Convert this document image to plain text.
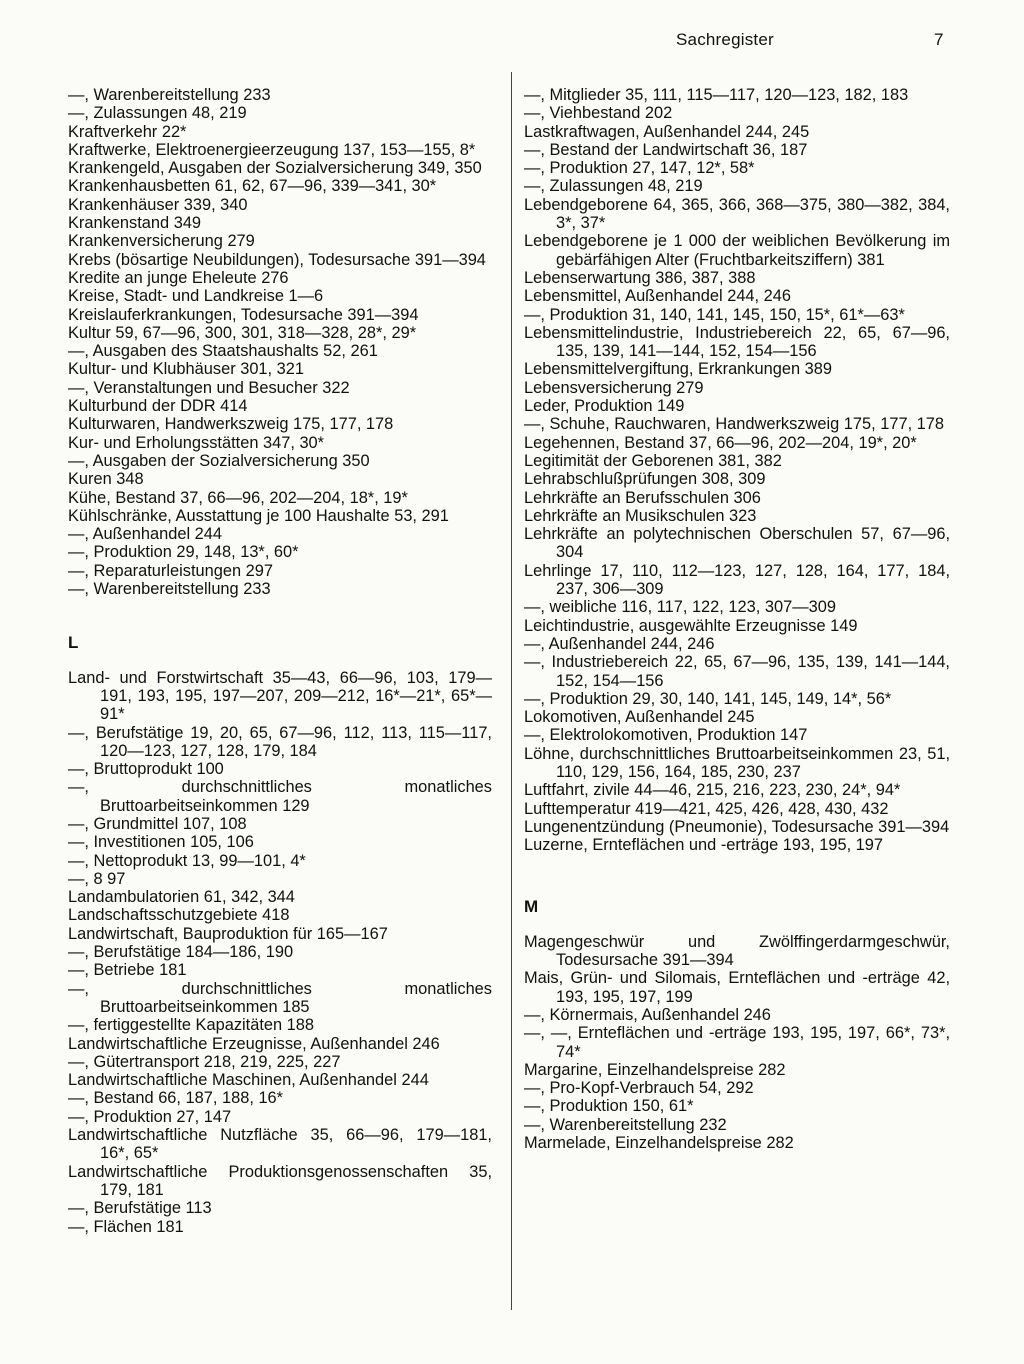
Sachregister	7
—, Warenbereitstellung 233
—, Zulassungen 48, 219
Kraftverkehr 22*
Kraftwerke, Elektroenergieerzeugung 137, 153—155, 8*
Krankengeld, Ausgaben der Sozialversicherung 349, 350
Krankenhausbetten 61, 62, 67—96, 339—341, 30*
Krankenhäuser 339, 340
Krankenstand 349
Krankenversicherung 279
Krebs (bösartige Neubildungen), Todesursache 391—394
Kredite an junge Eheleute 276
Kreise, Stadt- und Landkreise 1—6
Kreislauferkrankungen, Todesursache 391—394
Kultur 59, 67—96, 300, 301, 318—328, 28*, 29*
—, Ausgaben des Staatshaushalts 52, 261
Kultur- und Klubhäuser 301, 321
—, Veranstaltungen und Besucher 322
Kulturbund der DDR 414
Kulturwaren, Handwerkszweig 175, 177, 178
Kur- und Erholungsstätten 347, 30*
—, Ausgaben der Sozialversicherung 350
Kuren 348
Kühe, Bestand 37, 66—96, 202—204, 18*, 19*
Kühlschränke, Ausstattung je 100 Haushalte 53, 291
—, Außenhandel 244
—, Produktion 29, 148, 13*, 60*
—, Reparaturleistungen 297
—, Warenbereitstellung 233
L
Land- und Forstwirtschaft 35—43, 66—96, 103, 179—191, 193, 195, 197—207, 209—212, 16*—21*, 65*—91*
—, Berufstätige 19, 20, 65, 67—96, 112, 113, 115—117, 120—123, 127, 128, 179, 184
—, Bruttoprodukt 100
—, durchschnittliches monatliches Bruttoarbeitseinkommen 129
—, Grundmittel 107, 108
—, Investitionen 105, 106
—, Nettoprodukt 13, 99—101, 4*
—, 8 97
Landambulatorien 61, 342, 344
Landschaftsschutzgebiete 418
Landwirtschaft, Bauproduktion für 165—167
—, Berufstätige 184—186, 190
—, Betriebe 181
—, durchschnittliches monatliches Bruttoarbeitseinkommen 185
—, fertiggestellte Kapazitäten 188
Landwirtschaftliche Erzeugnisse, Außenhandel 246
—, Gütertransport 218, 219, 225, 227
Landwirtschaftliche Maschinen, Außenhandel 244
—, Bestand 66, 187, 188, 16*
—, Produktion 27, 147
Landwirtschaftliche Nutzfläche 35, 66—96, 179—181, 16*, 65*
Landwirtschaftliche Produktionsgenossenschaften 35, 179, 181
—, Berufstätige 113
—, Flächen 181
—, Mitglieder 35, 111, 115—117, 120—123, 182, 183
—, Viehbestand 202
Lastkraftwagen, Außenhandel 244, 245
—, Bestand der Landwirtschaft 36, 187
—, Produktion 27, 147, 12*, 58*
—, Zulassungen 48, 219
Lebendgeborene 64, 365, 366, 368—375, 380—382, 384, 3*, 37*
Lebendgeborene je 1 000 der weiblichen Bevölkerung im gebärfähigen Alter (Fruchtbarkeitsziffern) 381
Lebenserwartung 386, 387, 388
Lebensmittel, Außenhandel 244, 246
—, Produktion 31, 140, 141, 145, 150, 15*, 61*—63*
Lebensmittelindustrie, Industriebereich 22, 65, 67—96, 135, 139, 141—144, 152, 154—156
Lebensmittelvergiftung, Erkrankungen 389
Lebensversicherung 279
Leder, Produktion 149
—, Schuhe, Rauchwaren, Handwerkszweig 175, 177, 178
Legehennen, Bestand 37, 66—96, 202—204, 19*, 20*
Legitimität der Geborenen 381, 382
Lehrabschlußprüfungen 308, 309
Lehrkräfte an Berufsschulen 306
Lehrkräfte an Musikschulen 323
Lehrkräfte an polytechnischen Oberschulen 57, 67—96, 304
Lehrlinge 17, 110, 112—123, 127, 128, 164, 177, 184, 237, 306—309
—, weibliche 116, 117, 122, 123, 307—309
Leichtindustrie, ausgewählte Erzeugnisse 149
—, Außenhandel 244, 246
—, Industriebereich 22, 65, 67—96, 135, 139, 141—144, 152, 154—156
—, Produktion 29, 30, 140, 141, 145, 149, 14*, 56*
Lokomotiven, Außenhandel 245
—, Elektrolokomotiven, Produktion 147
Löhne, durchschnittliches Bruttoarbeitseinkommen 23, 51, 110, 129, 156, 164, 185, 230, 237
Luftfahrt, zivile 44—46, 215, 216, 223, 230, 24*, 94*
Lufttemperatur 419—421, 425, 426, 428, 430, 432
Lungenentzündung (Pneumonie), Todesursache 391—394
Luzerne, Ernteflächen und -erträge 193, 195, 197
M
Magengeschwür und Zwölffingerdarmgeschwür, Todesursache 391—394
Mais, Grün- und Silomais, Ernteflächen und -erträge 42, 193, 195, 197, 199
—, Körnermais, Außenhandel 246
—, —, Ernteflächen und -erträge 193, 195, 197, 66*, 73*, 74*
Margarine, Einzelhandelspreise 282
—, Pro-Kopf-Verbrauch 54, 292
—, Produktion 150, 61*
—, Warenbereitstellung 232
Marmelade, Einzelhandelspreise 282
